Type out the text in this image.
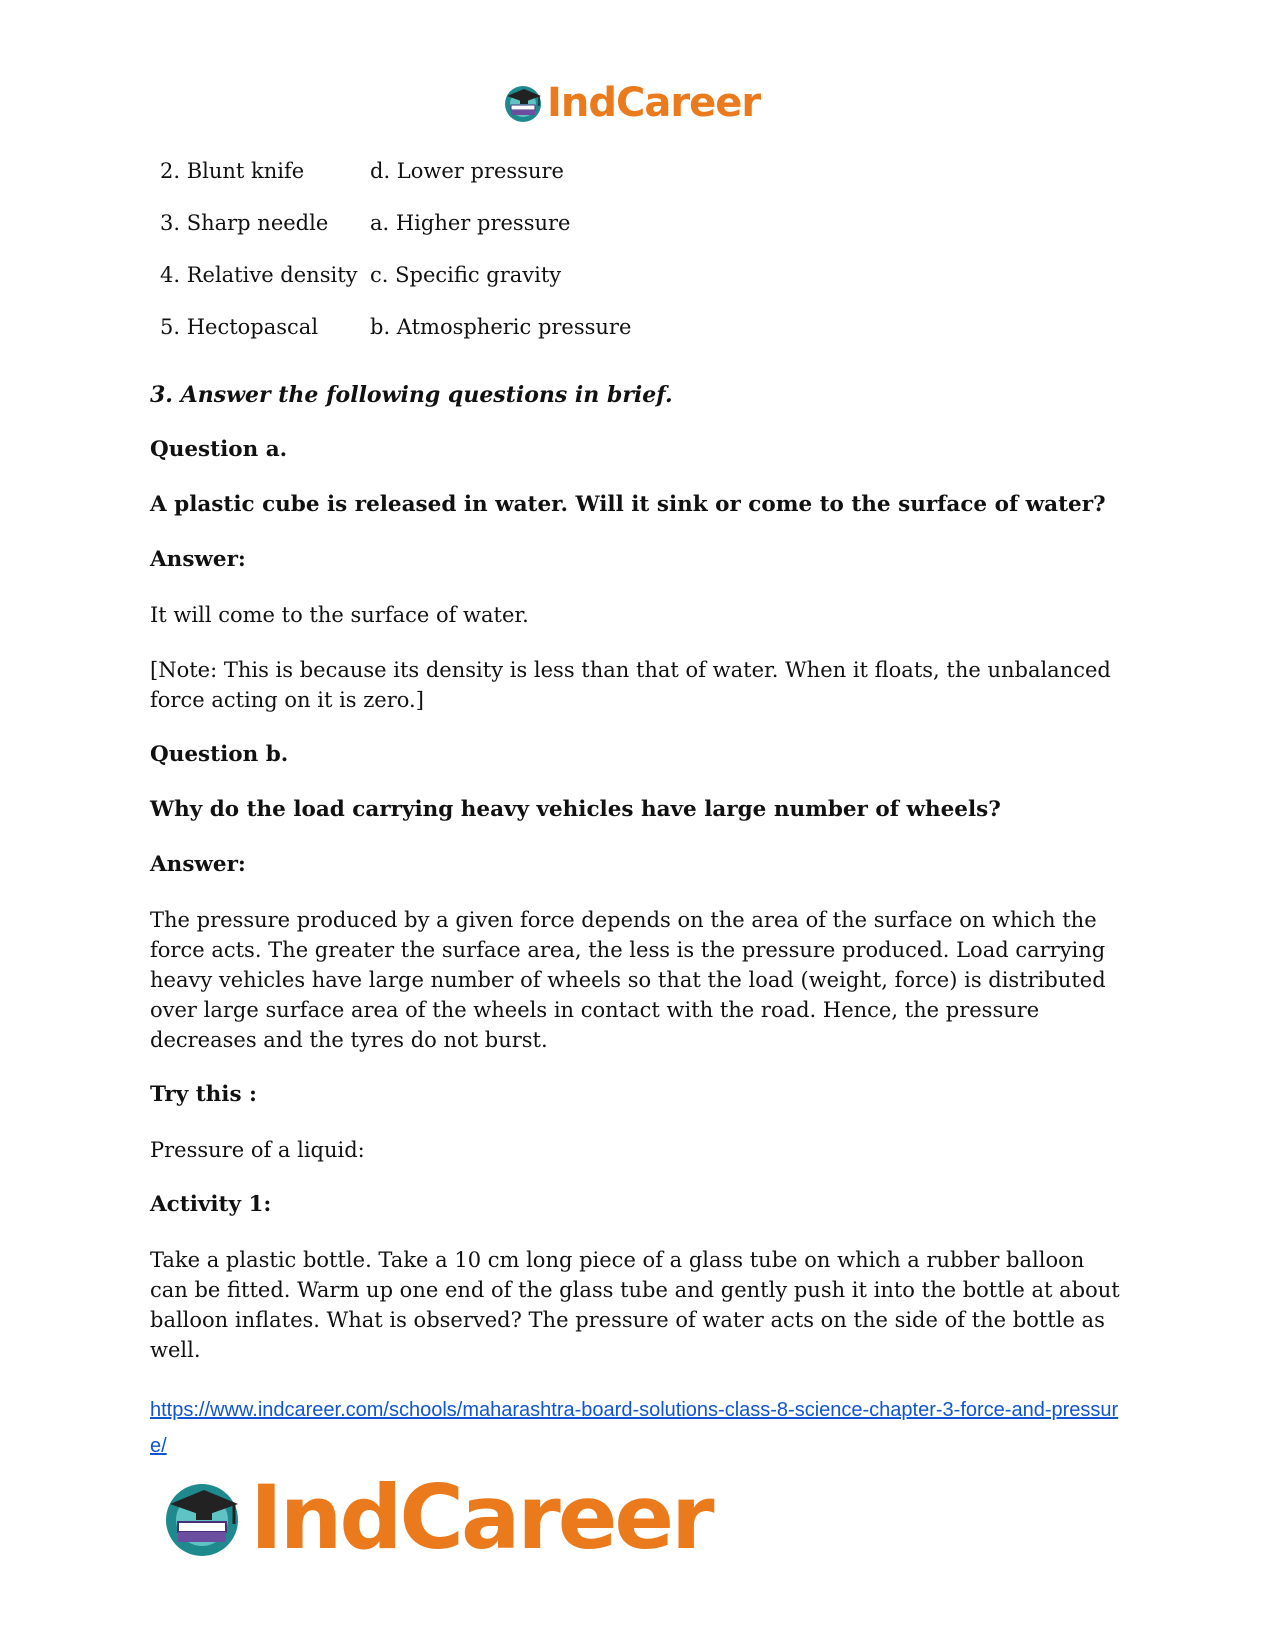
IndCareer
2. Blunt knife	d. Lower pressure
3. Sharp needle	a. Higher pressure
4. Relative density c. Specific gravity
5. Hectopascal	b. Atmospheric pressure

3. Answer the following questions in brief.

Question a.

A plastic cube is released in water. Will it sink or come to the surface of water?

Answer:

It will come to the surface of water.

[Note: This is because its density is less than that of water. When it floats, the unbalanced force acting on it is zero.]

Question b.

Why do the load carrying heavy vehicles have large number of wheels?

Answer:

The pressure produced by a given force depends on the area of the surface on which the force acts. The greater the surface area, the less is the pressure produced. Load carrying heavy vehicles have large number of wheels so that the load (weight, force) is distributed over large surface area of the wheels in contact with the road. Hence, the pressure decreases and the tyres do not burst.

Try this :

Pressure of a liquid:

Activity 1:

Take a plastic bottle. Take a 10 cm long piece of a glass tube on which a rubber balloon can be fitted. Warm up one end of the glass tube and gently push it into the bottle at about balloon inflates. What is observed? The pressure of water acts on the side of the bottle as well.

https://www.indcareer.com/schools/maharashtra-board-solutions-class-8-science-chapter-3-force-and-pressure/
IndCareer
